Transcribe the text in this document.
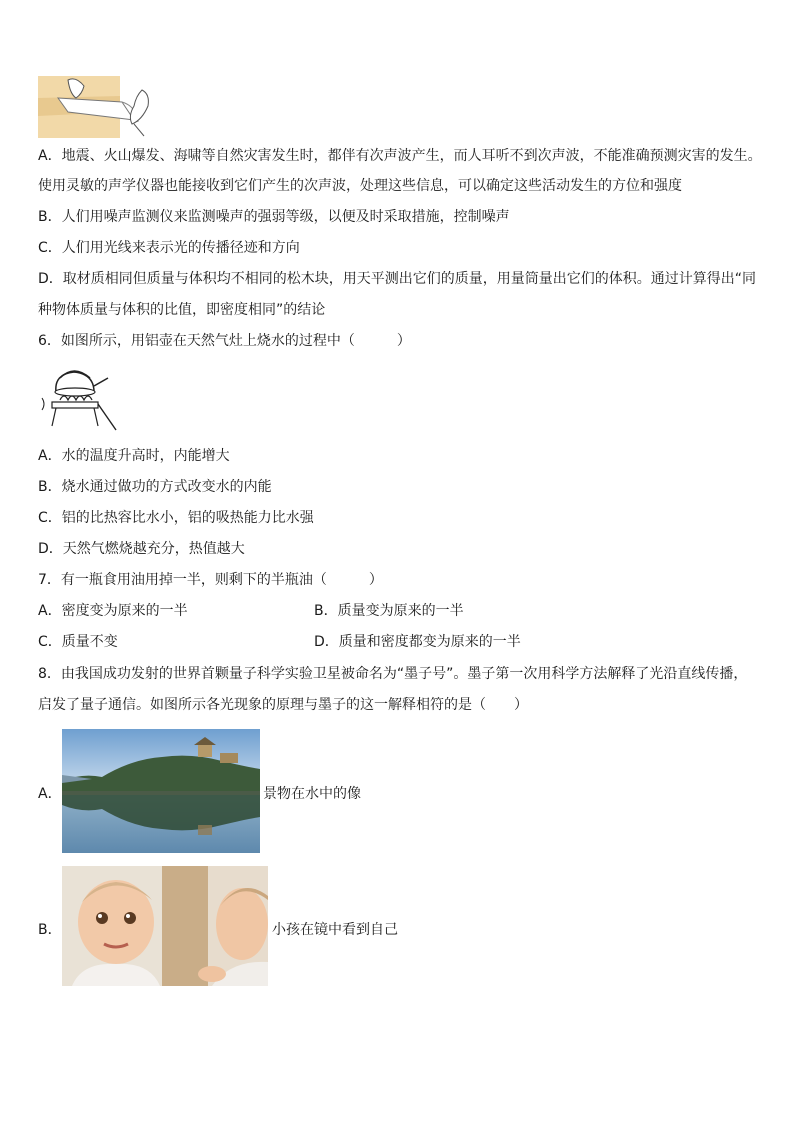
A．地震、火山爆发、海啸等自然灾害发生时，都伴有次声波产生，而人耳听不到次声波，不能准确预测灾害的发生。
使用灵敏的声学仪器也能接收到它们产生的次声波，处理这些信息，可以确定这些活动发生的方位和强度
B．人们用噪声监测仪来监测噪声的强弱等级，以便及时采取措施，控制噪声
C．人们用光线来表示光的传播径迹和方向
D．取材质相同但质量与体积均不相同的松木块，用天平测出它们的质量，用量筒量出它们的体积。通过计算得出“同
种物体质量与体积的比值，即密度相同”的结论
6．如图所示，用铝壶在天然气灶上烧水的过程中（　　　）
A．水的温度升高时，内能增大
B．烧水通过做功的方式改变水的内能
C．铝的比热容比水小，铝的吸热能力比水强
D．天然气燃烧越充分，热值越大
7．有一瓶食用油用掉一半，则剩下的半瓶油（　　　）
A．密度变为原来的一半	B．质量变为原来的一半
C．质量不变	D．质量和密度都变为原来的一半
8．由我国成功发射的世界首颗量子科学实验卫星被命名为“墨子号”。墨子第一次用科学方法解释了光沿直线传播，
启发了量子通信。如图所示各光现象的原理与墨子的这一解释相符的是（　　）
A．	景物在水中的像
B．	小孩在镜中看到自己
